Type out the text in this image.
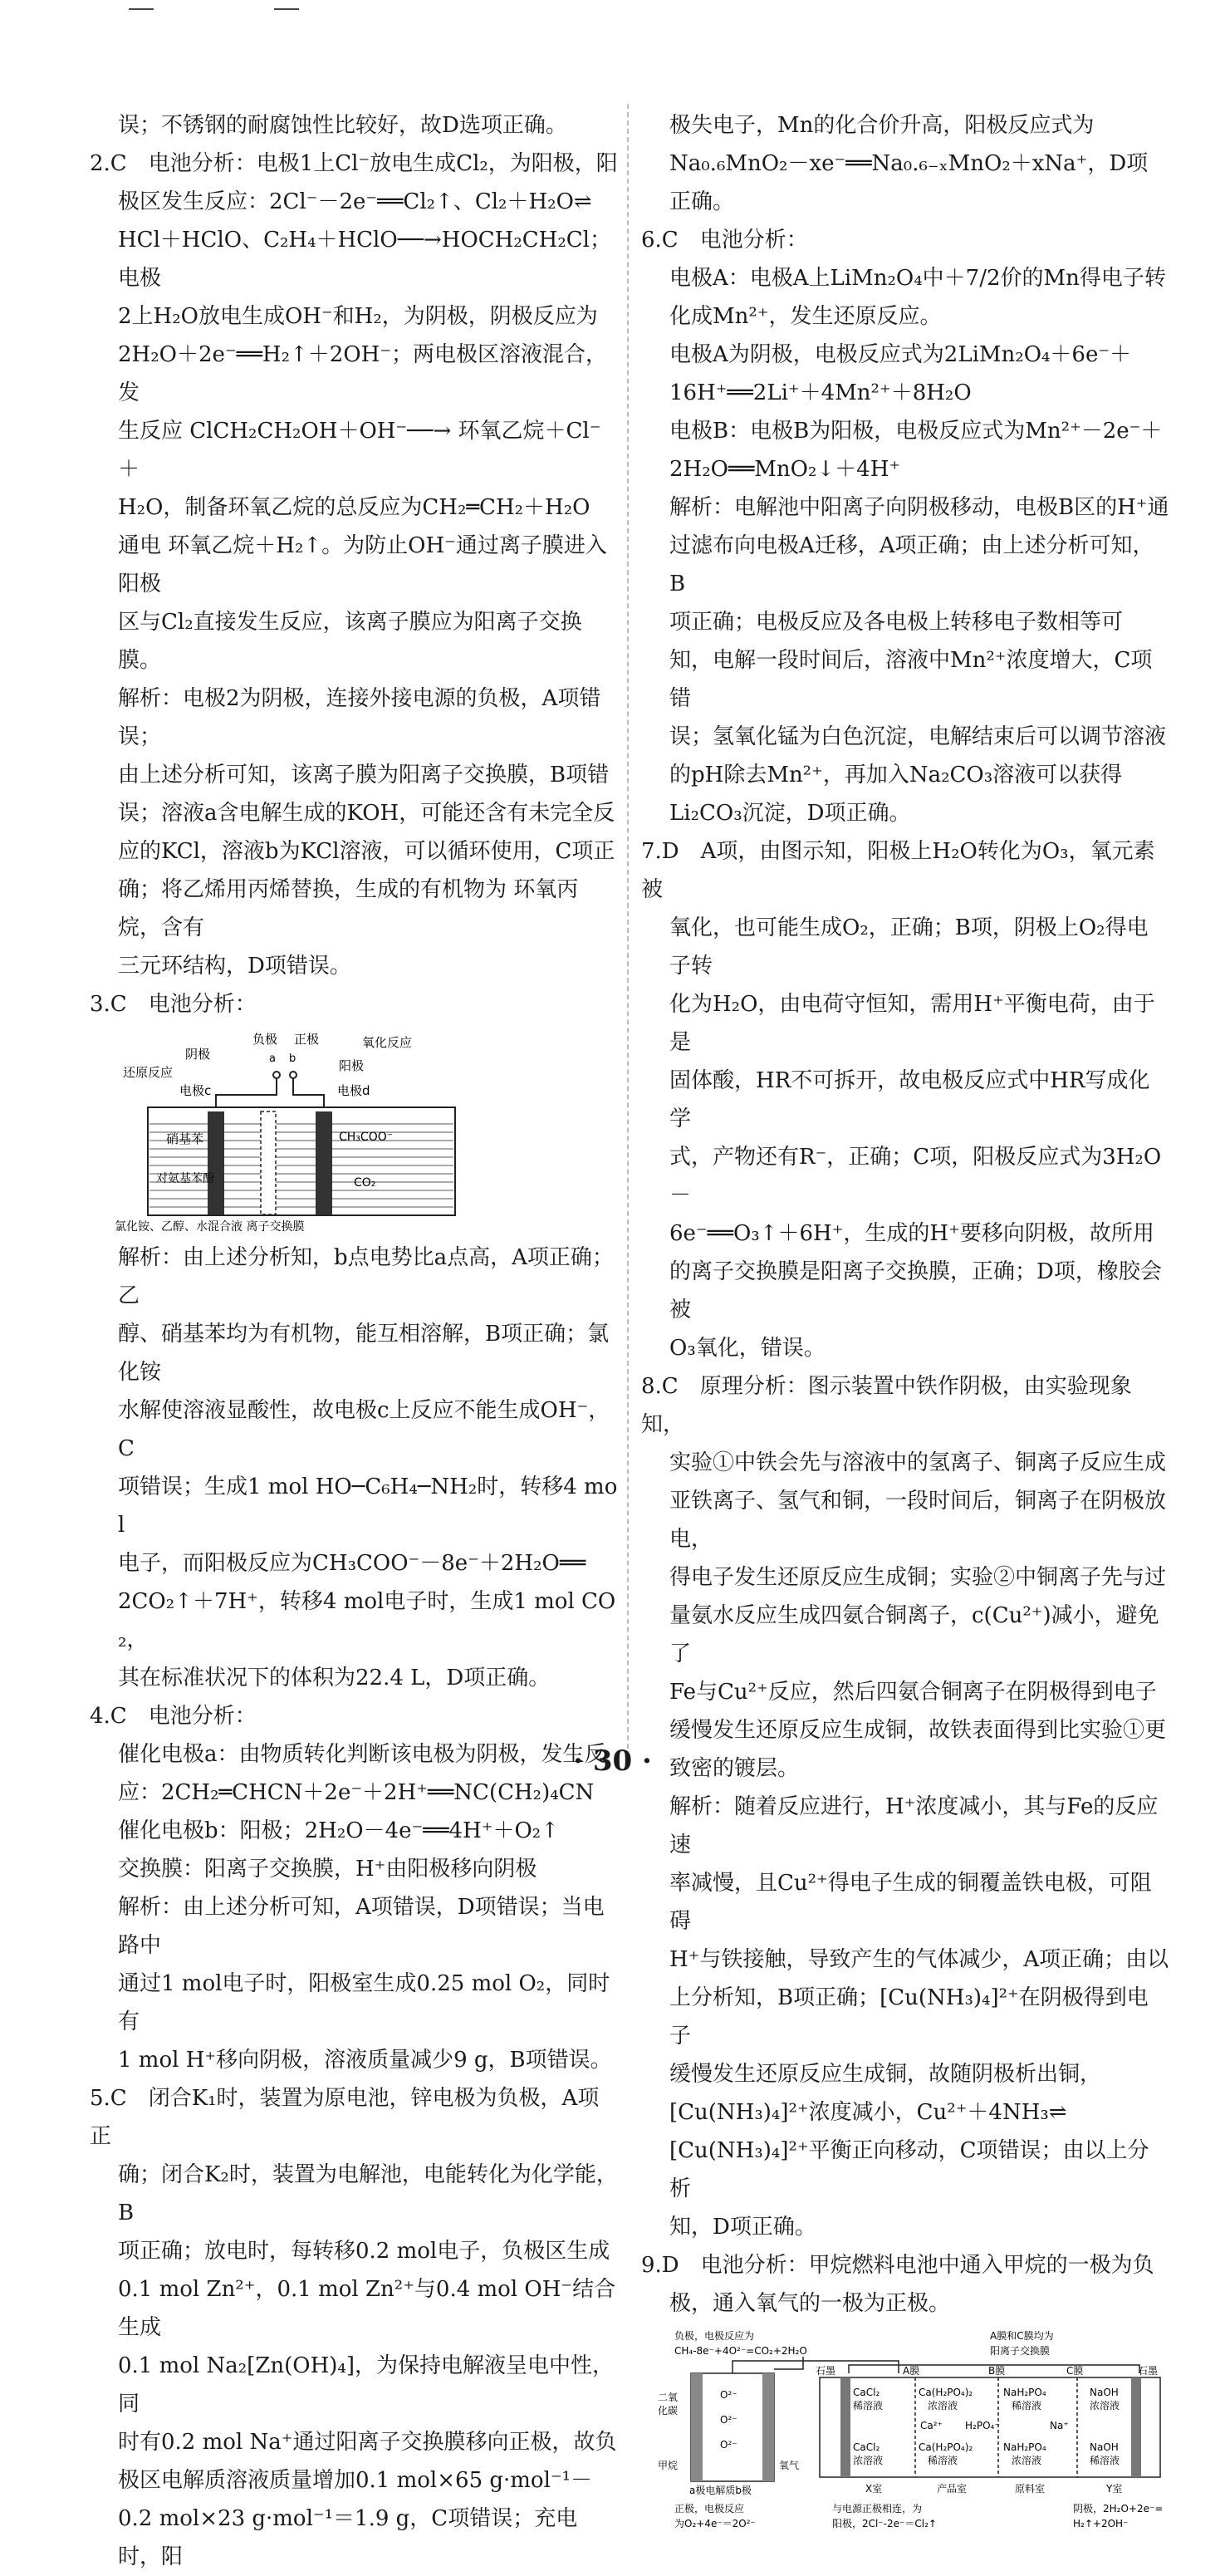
误；不锈钢的耐腐蚀性比较好，故D选项正确。

2.C　电池分析：电极1上Cl⁻放电生成Cl₂，为阳极，阳

极区发生反应：2Cl⁻－2e⁻══Cl₂↑、Cl₂＋H₂O⇌

HCl＋HClO、C₂H₄＋HClO──→HOCH₂CH₂Cl；电极

2上H₂O放电生成OH⁻和H₂，为阴极，阴极反应为

2H₂O＋2e⁻══H₂↑＋2OH⁻；两电极区溶液混合，发

生反应 ClCH₂CH₂OH＋OH⁻──→ 环氧乙烷＋Cl⁻＋

H₂O，制备环氧乙烷的总反应为CH₂═CH₂＋H₂O

通电 环氧乙烷＋H₂↑。为防止OH⁻通过离子膜进入阳极

区与Cl₂直接发生反应，该离子膜应为阳离子交换膜。

解析：电极2为阴极，连接外接电源的负极，A项错误；

由上述分析可知，该离子膜为阳离子交换膜，B项错

误；溶液a含电解生成的KOH，可能还含有未完全反

应的KCl，溶液b为KCl溶液，可以循环使用，C项正

确；将乙烯用丙烯替换，生成的有机物为 环氧丙烷，含有

三元环结构，D项错误。

3.C　电池分析：

阴极
还原反应
电极c
负极
a
正极
b	阳极
氧化反应
电极d
硝基苯
对氨基苯酚
CH₃COO⁻
CO₂
氯化铵、乙醇、水混合液 离子交换膜

解析：由上述分析知，b点电势比a点高，A项正确；乙

醇、硝基苯均为有机物，能互相溶解，B项正确；氯化铵

水解使溶液显酸性，故电极c上反应不能生成OH⁻，C

项错误；生成1 mol HO─C₆H₄─NH₂时，转移4 mol

电子，而阳极反应为CH₃COO⁻－8e⁻＋2H₂O══

2CO₂↑＋7H⁺，转移4 mol电子时，生成1 mol CO₂，

其在标准状况下的体积为22.4 L，D项正确。

4.C　电池分析：

催化电极a：由物质转化判断该电极为阴极，发生反

应：2CH₂═CHCN＋2e⁻＋2H⁺══NC(CH₂)₄CN

催化电极b：阳极；2H₂O－4e⁻══4H⁺＋O₂↑

交换膜：阳离子交换膜，H⁺由阳极移向阴极

解析：由上述分析可知，A项错误，D项错误；当电路中

通过1 mol电子时，阳极室生成0.25 mol O₂，同时有

1 mol H⁺移向阴极，溶液质量减少9 g，B项错误。

5.C　闭合K₁时，装置为原电池，锌电极为负极，A项正

确；闭合K₂时，装置为电解池，电能转化为化学能，B

项正确；放电时，每转移0.2 mol电子，负极区生成

0.1 mol Zn²⁺，0.1 mol Zn²⁺与0.4 mol OH⁻结合生成

0.1 mol Na₂[Zn(OH)₄]，为保持电解液呈电中性，同

时有0.2 mol Na⁺通过阳离子交换膜移向正极，故负

极区电解质溶液质量增加0.1 mol×65 g·mol⁻¹－

0.2 mol×23 g·mol⁻¹＝1.9 g，C项错误；充电时，阳

极失电子，Mn的化合价升高，阳极反应式为

Na₀.₆MnO₂－xe⁻══Na₀.₆₋ₓMnO₂＋xNa⁺，D项正确。

6.C　电池分析：

电极A：电极A上LiMn₂O₄中＋7/2价的Mn得电子转

化成Mn²⁺，发生还原反应。

电极A为阴极，电极反应式为2LiMn₂O₄＋6e⁻＋

16H⁺══2Li⁺＋4Mn²⁺＋8H₂O

电极B：电极B为阳极，电极反应式为Mn²⁺－2e⁻＋

2H₂O══MnO₂↓＋4H⁺

解析：电解池中阳离子向阴极移动，电极B区的H⁺通

过滤布向电极A迁移，A项正确；由上述分析可知，B

项正确；电极反应及各电极上转移电子数相等可

知，电解一段时间后，溶液中Mn²⁺浓度增大，C项错

误；氢氧化锰为白色沉淀，电解结束后可以调节溶液

的pH除去Mn²⁺，再加入Na₂CO₃溶液可以获得

Li₂CO₃沉淀，D项正确。

7.D　A项，由图示知，阳极上H₂O转化为O₃，氧元素被

氧化，也可能生成O₂，正确；B项，阴极上O₂得电子转

化为H₂O，由电荷守恒知，需用H⁺平衡电荷，由于是

固体酸，HR不可拆开，故电极反应式中HR写成化学

式，产物还有R⁻，正确；C项，阳极反应式为3H₂O－

6e⁻══O₃↑＋6H⁺，生成的H⁺要移向阴极，故所用

的离子交换膜是阳离子交换膜，正确；D项，橡胶会被

O₃氧化，错误。

8.C　原理分析：图示装置中铁作阴极，由实验现象知，

实验①中铁会先与溶液中的氢离子、铜离子反应生成

亚铁离子、氢气和铜，一段时间后，铜离子在阴极放电，

得电子发生还原反应生成铜；实验②中铜离子先与过

量氨水反应生成四氨合铜离子，c(Cu²⁺)减小，避免了

Fe与Cu²⁺反应，然后四氨合铜离子在阴极得到电子

缓慢发生还原反应生成铜，故铁表面得到比实验①更

致密的镀层。

解析：随着反应进行，H⁺浓度减小，其与Fe的反应速

率减慢，且Cu²⁺得电子生成的铜覆盖铁电极，可阻碍

H⁺与铁接触，导致产生的气体减少，A项正确；由以

上分析知，B项正确；[Cu(NH₃)₄]²⁺在阴极得到电子

缓慢发生还原反应生成铜，故随阴极析出铜，

[Cu(NH₃)₄]²⁺浓度减小，Cu²⁺＋4NH₃⇌

[Cu(NH₃)₄]²⁺平衡正向移动，C项错误；由以上分析

知，D项正确。

9.D　电池分析：甲烷燃料电池中通入甲烷的一极为负

极，通入氧气的一极为正极。

负极，电极反应为
CH₄-8e⁻+4O²⁻=CO₂+2H₂O
A膜和C膜均为
阳离子交换膜
O²⁻
O²⁻
O²⁻
二氧
化碳
甲烷	氧气
a极电解质b极
石墨	石墨
A膜	B膜	C膜
CaCl₂
稀溶液
Ca(H₂PO₄)₂
浓溶液
NaH₂PO₄
稀溶液
NaOH
浓溶液
Ca²⁺ H₂PO₄⁻	Na⁺
CaCl₂
浓溶液
Ca(H₂PO₄)₂
稀溶液
NaH₂PO₄
浓溶液
NaOH
稀溶液
X室	产品室	原料室	Y室
正极，电极反应
为O₂+4e⁻＝2O²⁻
与电源正极相连，为
阳极，2Cl⁻-2e⁻＝Cl₂↑
阴极，2H₂O+2e⁻=
H₂↑+2OH⁻
· 30 ·
